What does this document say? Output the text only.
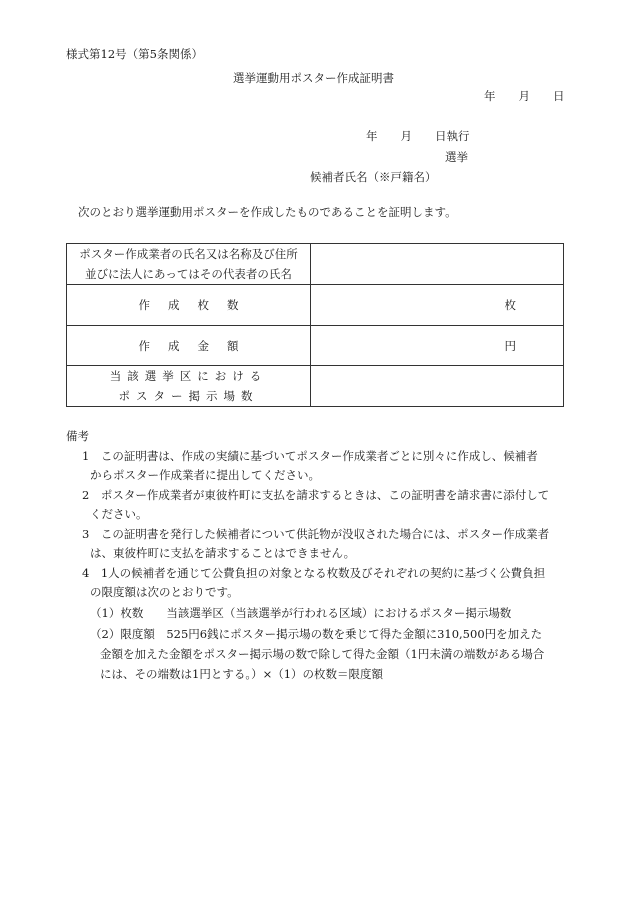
様式第12号（第5条関係）
選挙運動用ポスター作成証明書
年　　月　　日
年　　月　　日執行
選挙
候補者氏名（※戸籍名）
次のとおり選挙運動用ポスターを作成したものであることを証明します。
ポスター作成業者の氏名又は名称及び住所
並びに法人にあってはその代表者の氏名	

作成枚数	枚

作成金額	円

当該選挙区における
ポスター掲示場数	

備考
1　この証明書は、作成の実績に基づいてポスター作成業者ごとに別々に作成し、候補者
からポスター作成業者に提出してください。
2　ポスター作成業者が東彼杵町に支払を請求するときは、この証明書を請求書に添付して
ください。
3　この証明書を発行した候補者について供託物が没収された場合には、ポスター作成業者
は、東彼杵町に支払を請求することはできません。
4　1人の候補者を通じて公費負担の対象となる枚数及びそれぞれの契約に基づく公費負担
の限度額は次のとおりです。
（1）枚数　　当該選挙区（当該選挙が行われる区域）におけるポスター掲示場数
（2）限度額　525円6銭にポスター掲示場の数を乗じて得た金額に310,500円を加えた
金額を加えた金額をポスター掲示場の数で除して得た金額（1円未満の端数がある場合
には、その端数は1円とする。）×（1）の枚数＝限度額
